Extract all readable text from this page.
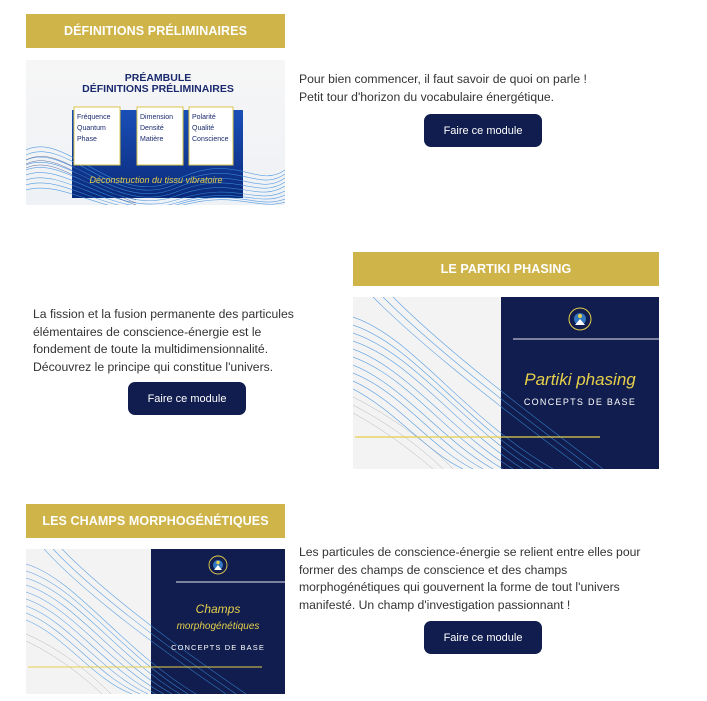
DÉFINITIONS PRÉLIMINAIRES
PRÉAMBULE
DÉFINITIONS PRÉLIMINAIRES
Fréquence
Quantum
Phase
Dimension
Densité
Matière
Polarité
Qualité
Conscience
Déconstruction du tissu vibratoire

Pour bien commencer, il faut savoir de quoi on parle !

Petit tour d'horizon du vocabulaire énergétique.

Faire ce module
LE PARTIKI PHASING
Partiki phasing
CONCEPTS DE BASE

La fission et la fusion permanente des particules

élémentaires de conscience-énergie est le

fondement de toute la multidimensionnalité.

Découvrez le principe qui constitue l'univers.

Faire ce module
LES CHAMPS MORPHOGÉNÉTIQUES
Champs
morphogénétiques
CONCEPTS DE BASE

Les particules de conscience-énergie se relient entre elles pour

former des champs de conscience et des champs

morphogénétiques qui gouvernent la forme de tout l'univers

manifesté. Un champ d'investigation passionnant !

Faire ce module
